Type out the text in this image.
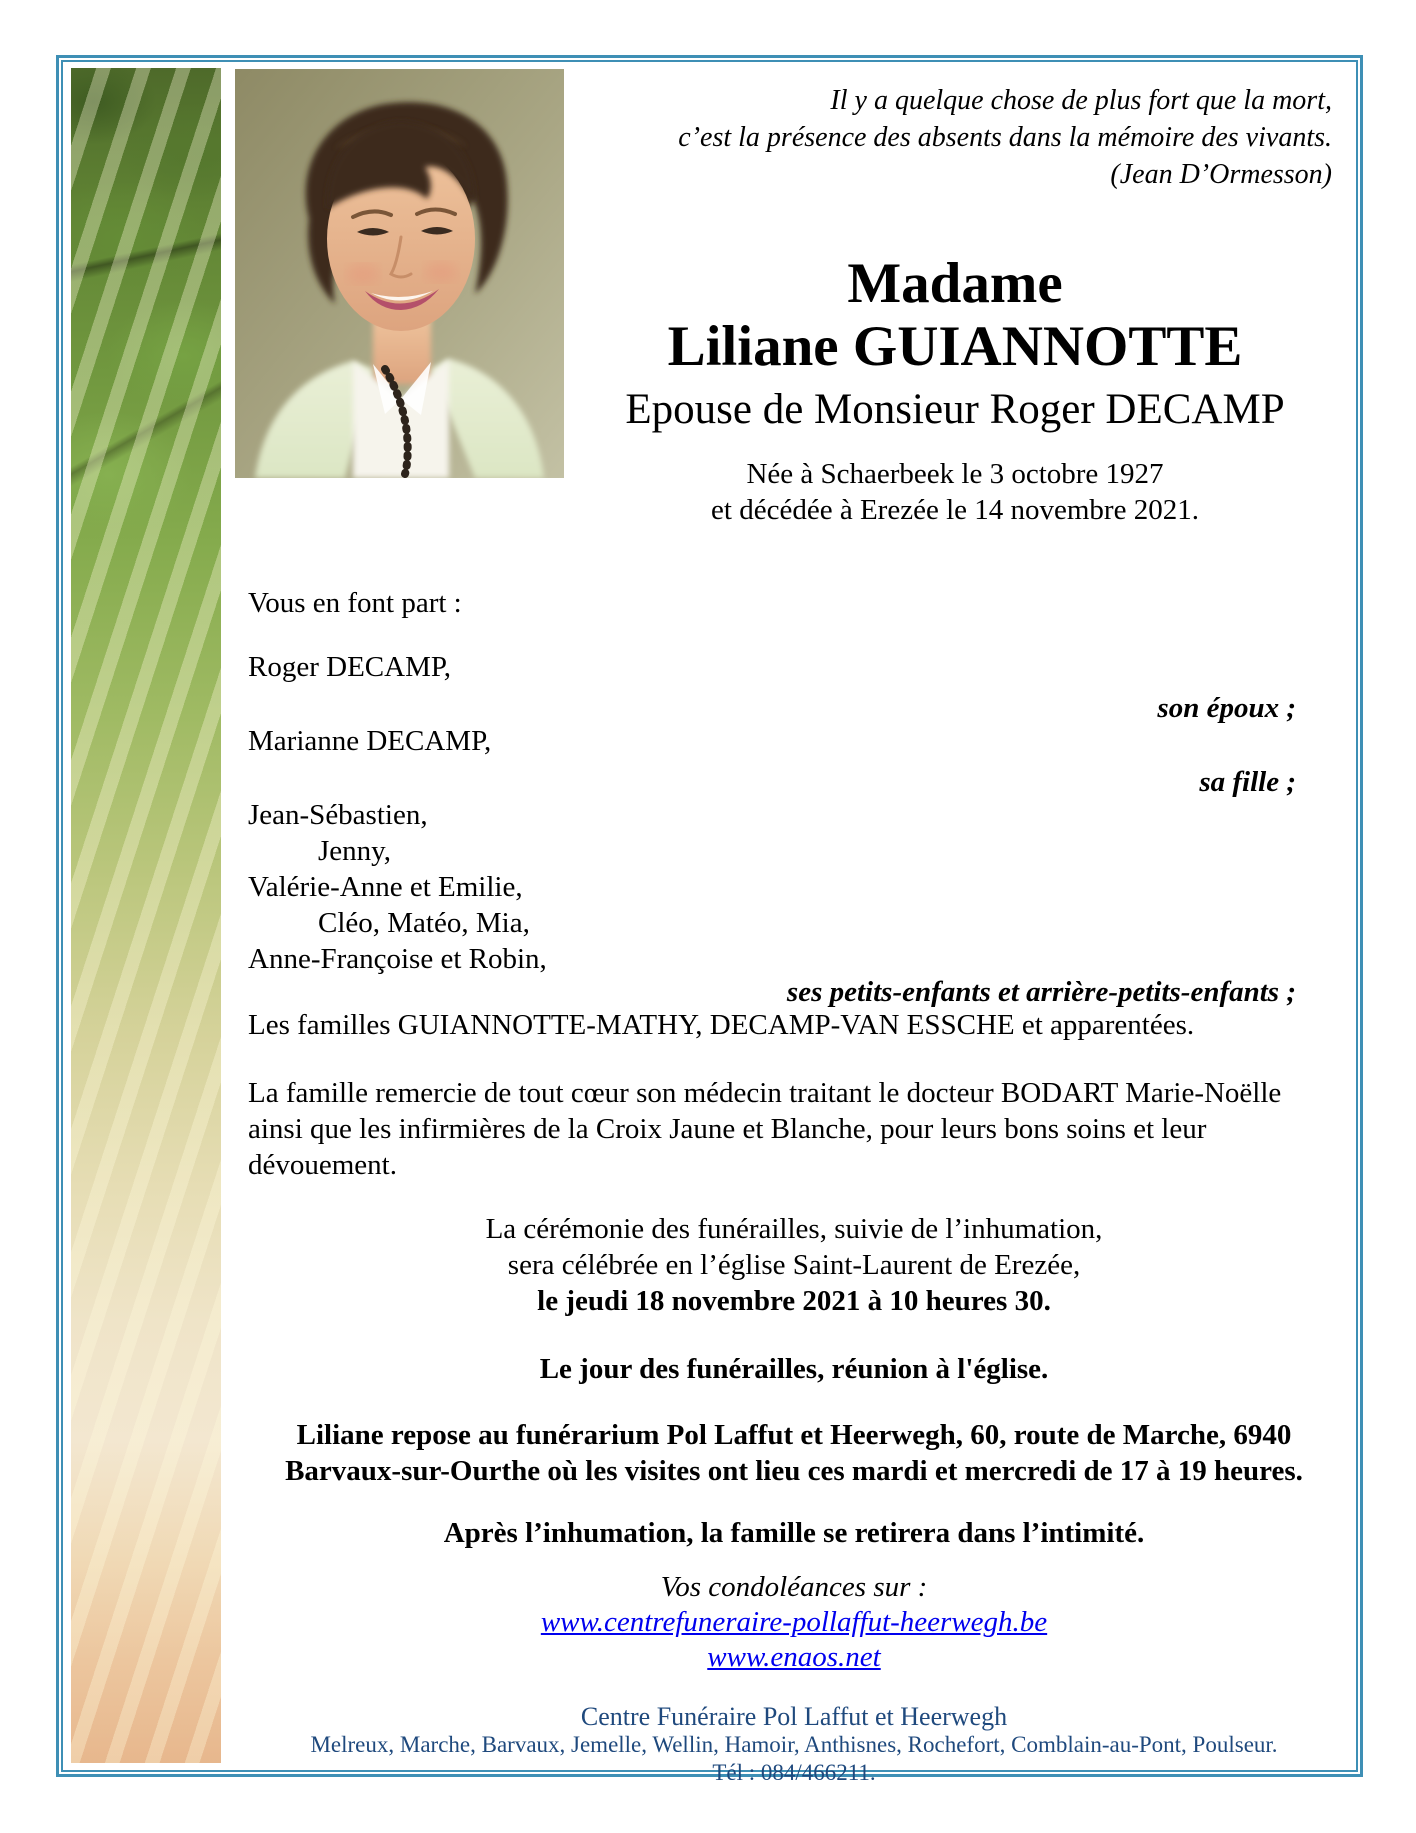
Il y a quelque chose de plus fort que la mort,
c’est la présence des absents dans la mémoire des vivants.
(Jean D’Ormesson)

Madame

Liliane GUIANNOTTE

Epouse de Monsieur Roger DECAMP

Née à Schaerbeek le 3 octobre 1927

et décédée à Erezée le 14 novembre 2021.

Vous en font part :

Roger DECAMP,

son époux ;

Marianne DECAMP,

sa fille ;

Jean-Sébastien,

Jenny,

Valérie-Anne et Emilie,

Cléo, Matéo, Mia,

Anne-Françoise et Robin,

ses petits-enfants et arrière-petits-enfants ;

Les familles GUIANNOTTE-MATHY, DECAMP-VAN ESSCHE et apparentées.

La famille remercie de tout cœur son médecin traitant le docteur BODART Marie-Noëlle ainsi que les infirmières de la Croix Jaune et Blanche, pour leurs bons soins et leur dévouement.

La cérémonie des funérailles, suivie de l’inhumation,

sera célébrée en l’église Saint-Laurent de Erezée,

le jeudi 18 novembre 2021 à 10 heures 30.

Le jour des funérailles, réunion à l'église.

Liliane repose au funérarium Pol Laffut et Heerwegh, 60, route de Marche, 6940 Barvaux-sur-Ourthe où les visites ont lieu ces mardi et mercredi de 17 à 19 heures.

Après l’inhumation, la famille se retirera dans l’intimité.

Vos condoléances sur :

www.centrefuneraire-pollaffut-heerwegh.be
www.enaos.net
Centre Funéraire Pol Laffut et Heerwegh
Melreux, Marche, Barvaux, Jemelle, Wellin, Hamoir, Anthisnes, Rochefort, Comblain-au-Pont, Poulseur.
Tél : 084/466211.
